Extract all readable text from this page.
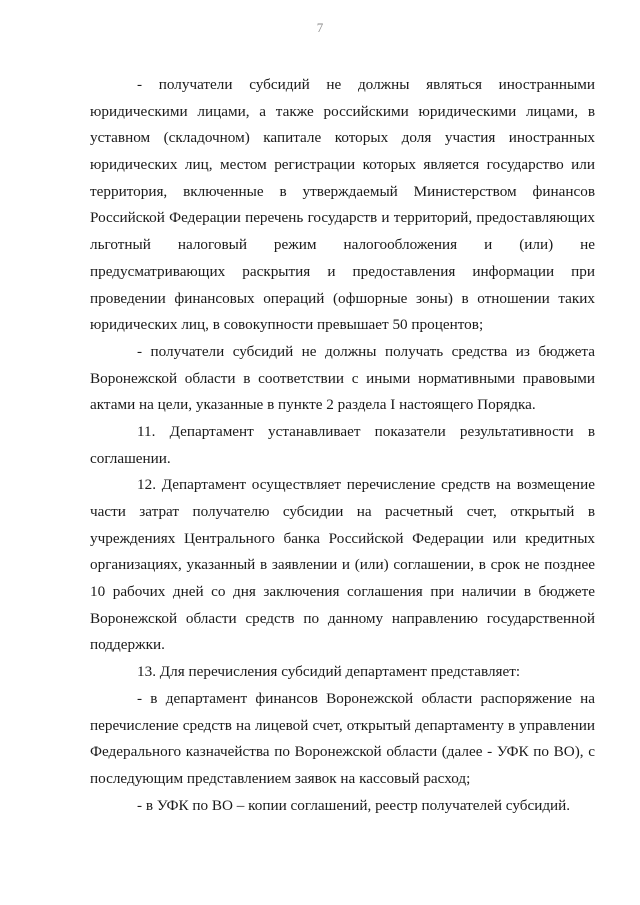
7
- получатели субсидий не должны являться иностранными
юридическими лицами, а также российскими юридическими лицами, в
уставном (складочном) капитале которых доля участия иностранных
юридических лиц, местом регистрации которых является государство или
территория, включенные в утверждаемый Министерством финансов
Российской Федерации перечень государств и территорий, предоставляющих
льготный налоговый режим налогообложения и (или) не
предусматривающих раскрытия и предоставления информации при
проведении финансовых операций (офшорные зоны) в отношении таких
юридических лиц, в совокупности превышает 50 процентов;
- получатели субсидий не должны получать средства из бюджета
Воронежской области в соответствии с иными нормативными правовыми
актами на цели, указанные в пункте 2 раздела I настоящего Порядка.
11. Департамент устанавливает показатели результативности в
соглашении.
12. Департамент осуществляет перечисление средств на возмещение
части затрат получателю субсидии на расчетный счет, открытый в
учреждениях Центрального банка Российской Федерации или кредитных
организациях, указанный в заявлении и (или) соглашении, в срок не позднее
10 рабочих дней со дня заключения соглашения при наличии в бюджете
Воронежской области средств по данному направлению государственной
поддержки.
13. Для перечисления субсидий департамент представляет:
- в департамент финансов Воронежской области распоряжение на
перечисление средств на лицевой счет, открытый департаменту в управлении
Федерального казначейства по Воронежской области (далее - УФК по ВО), с
последующим представлением заявок на кассовый расход;
- в УФК по ВО – копии соглашений, реестр получателей субсидий.
